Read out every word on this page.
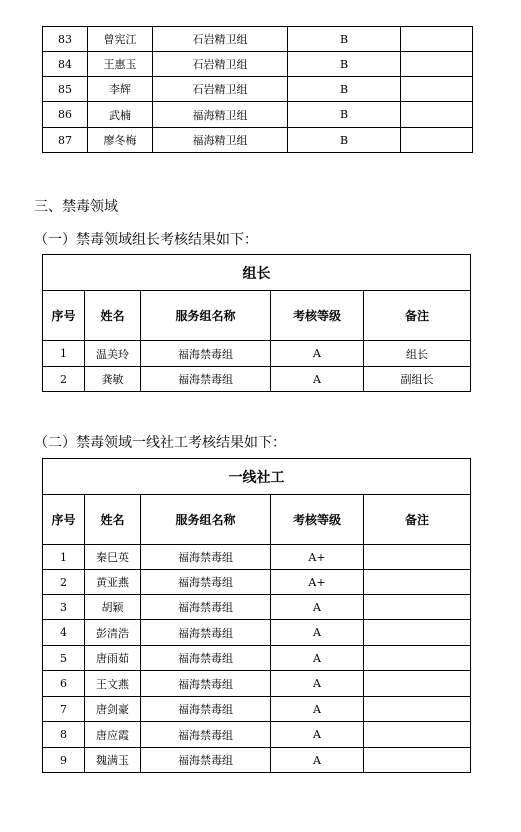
83	曾宪江	石岩精卫组	B	
84	王惠玉	石岩精卫组	B	
85	李辉	石岩精卫组	B	
86	武楠	福海精卫组	B	
87	廖冬梅	福海精卫组	B	

三、禁毒领域

（一）禁毒领域组长考核结果如下：

组长				
序号	姓名	服务组名称	考核等级	备注
1	温美玲	福海禁毒组	A	组长
2	龚敏	福海禁毒组	A	副组长

（二）禁毒领域一线社工考核结果如下：

一线社工				
序号	姓名	服务组名称	考核等级	备注
1	秦巳英	福海禁毒组	A+	
2	黄亚燕	福海禁毒组	A+	
3	胡颖	福海禁毒组	A	
4	彭清浩	福海禁毒组	A	
5	唐雨茹	福海禁毒组	A	
6	王文燕	福海禁毒组	A	
7	唐剑豪	福海禁毒组	A	
8	唐应霞	福海禁毒组	A	
9	魏满玉	福海禁毒组	A	
